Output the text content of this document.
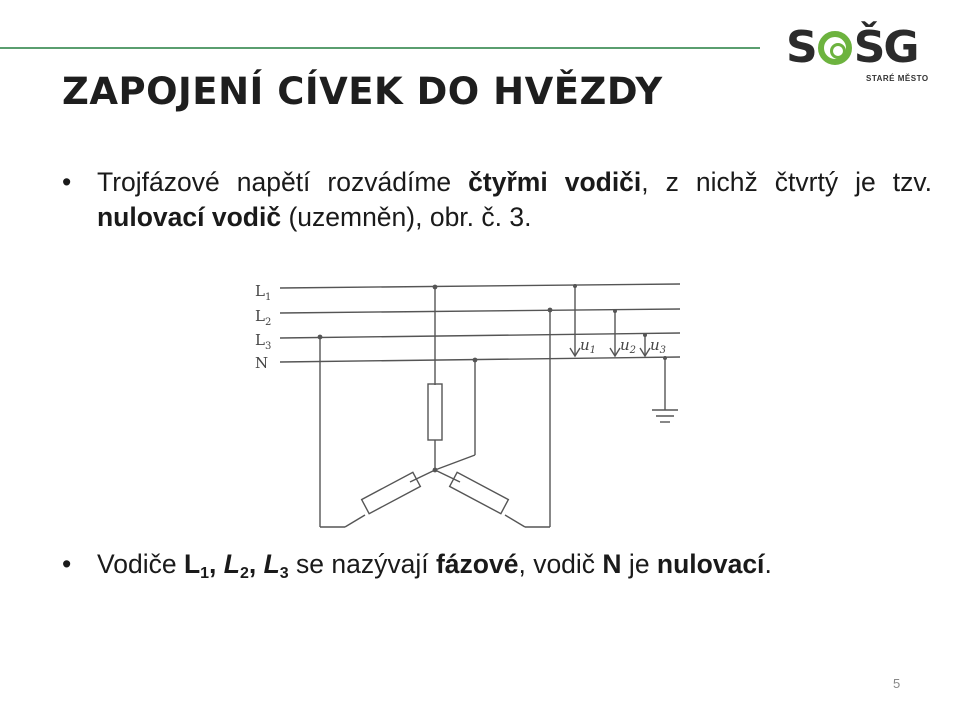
S ŠG
STARÉ MĚSTO
ZAPOJENÍ CÍVEK DO HVĚZDY
• Trojfázové napětí rozvádíme čtyřmi vodiči, z nichž čtvrtý je tzv. nulovací vodič (uzemněn), obr. č. 3.
$L_1$
$L_2$
$L_3$
N
$u_1$ $u_2$ $u_3$
• Vodiče $L_1$, $L_2$, $L_3$ se nazývají fázové, vodič N je nulovací.
5
